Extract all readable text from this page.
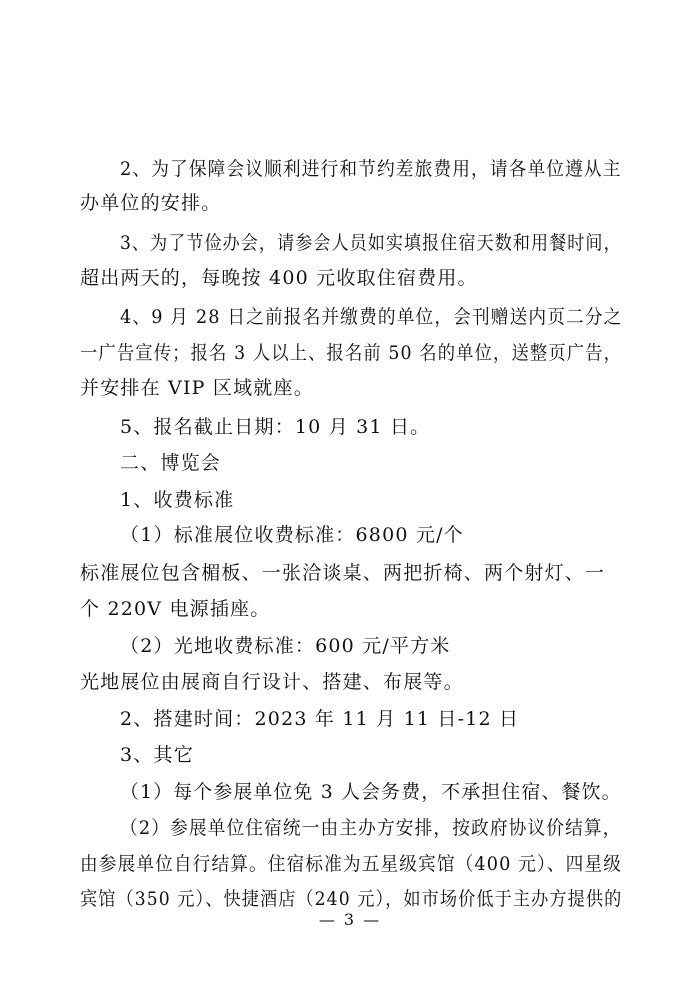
2、为了保障会议顺利进行和节约差旅费用，请各单位遵从主
办单位的安排。
3、为了节俭办会，请参会人员如实填报住宿天数和用餐时间，
超出两天的，每晚按 400 元收取住宿费用。
4、9 月 28 日之前报名并缴费的单位，会刊赠送内页二分之
一广告宣传；报名 3 人以上、报名前 50 名的单位，送整页广告，
并安排在 VIP 区域就座。
5、报名截止日期：10 月 31 日。
二、博览会
1、收费标准
（1）标准展位收费标准：6800 元/个
标准展位包含楣板、一张洽谈桌、两把折椅、两个射灯、一
个 220V 电源插座。
（2）光地收费标准：600 元/平方米
光地展位由展商自行设计、搭建、布展等。
2、搭建时间：2023 年 11 月 11 日-12 日
3、其它
（1）每个参展单位免 3 人会务费，不承担住宿、餐饮。
（2）参展单位住宿统一由主办方安排，按政府协议价结算，
由参展单位自行结算。住宿标准为五星级宾馆（400 元）、四星级
宾馆（350 元）、快捷酒店（240 元），如市场价低于主办方提供的
— 3 —
